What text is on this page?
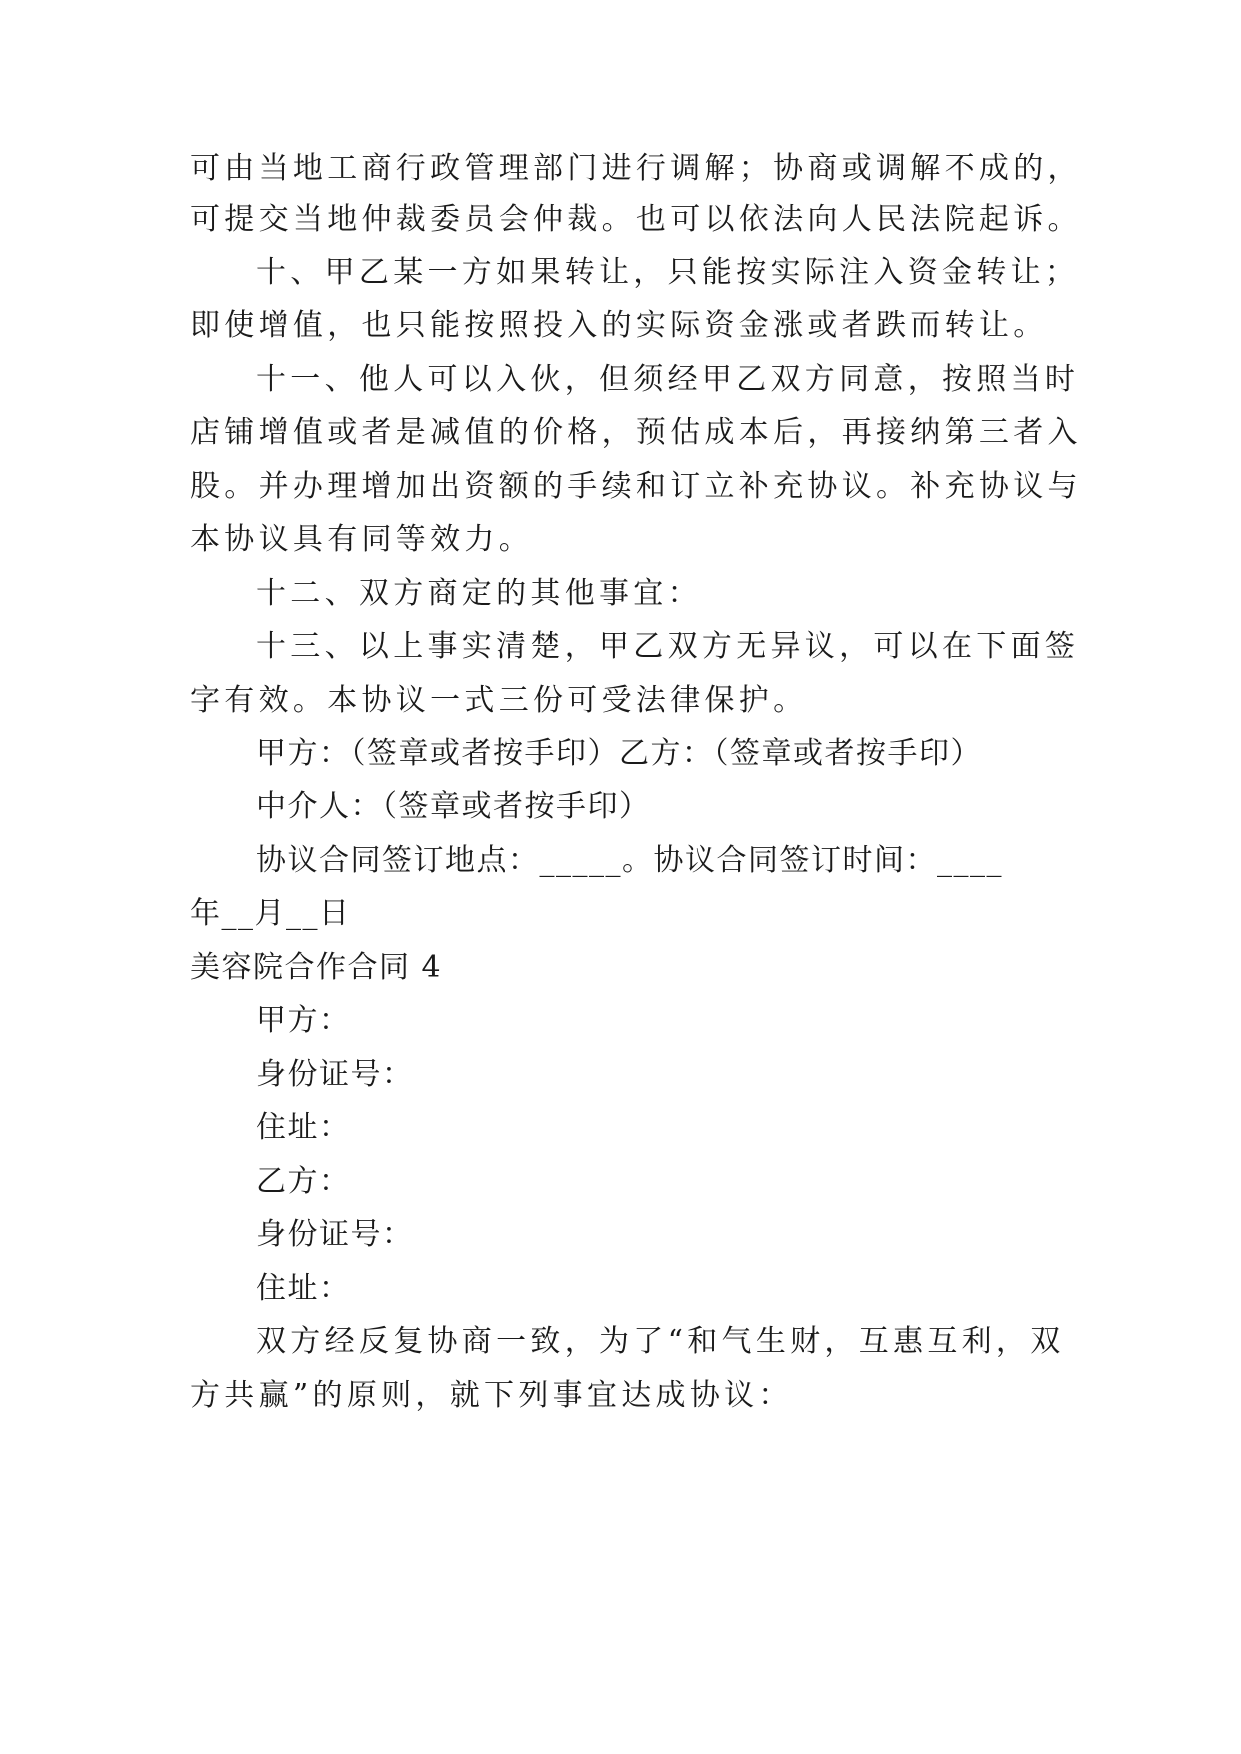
可由当地工商行政管理部门进行调解；协商或调解不成的，
可提交当地仲裁委员会仲裁。也可以依法向人民法院起诉。
十、甲乙某一方如果转让，只能按实际注入资金转让；
即使增值，也只能按照投入的实际资金涨或者跌而转让。
十一、他人可以入伙，但须经甲乙双方同意，按照当时
店铺增值或者是减值的价格，预估成本后，再接纳第三者入
股。并办理增加出资额的手续和订立补充协议。补充协议与
本协议具有同等效力。
十二、双方商定的其他事宜：
十三、以上事实清楚，甲乙双方无异议，可以在下面签
字有效。本协议一式三份可受法律保护。
甲方：（签章或者按手印）乙方：（签章或者按手印）
中介人：（签章或者按手印）
协议合同签订地点：_____。协议合同签订时间：____
年__月__日
美容院合作合同 4
甲方：
身份证号：
住址：
乙方：
身份证号：
住址：
双方经反复协商一致，为了“和气生财，互惠互利，双
方共赢”的原则，就下列事宜达成协议：
